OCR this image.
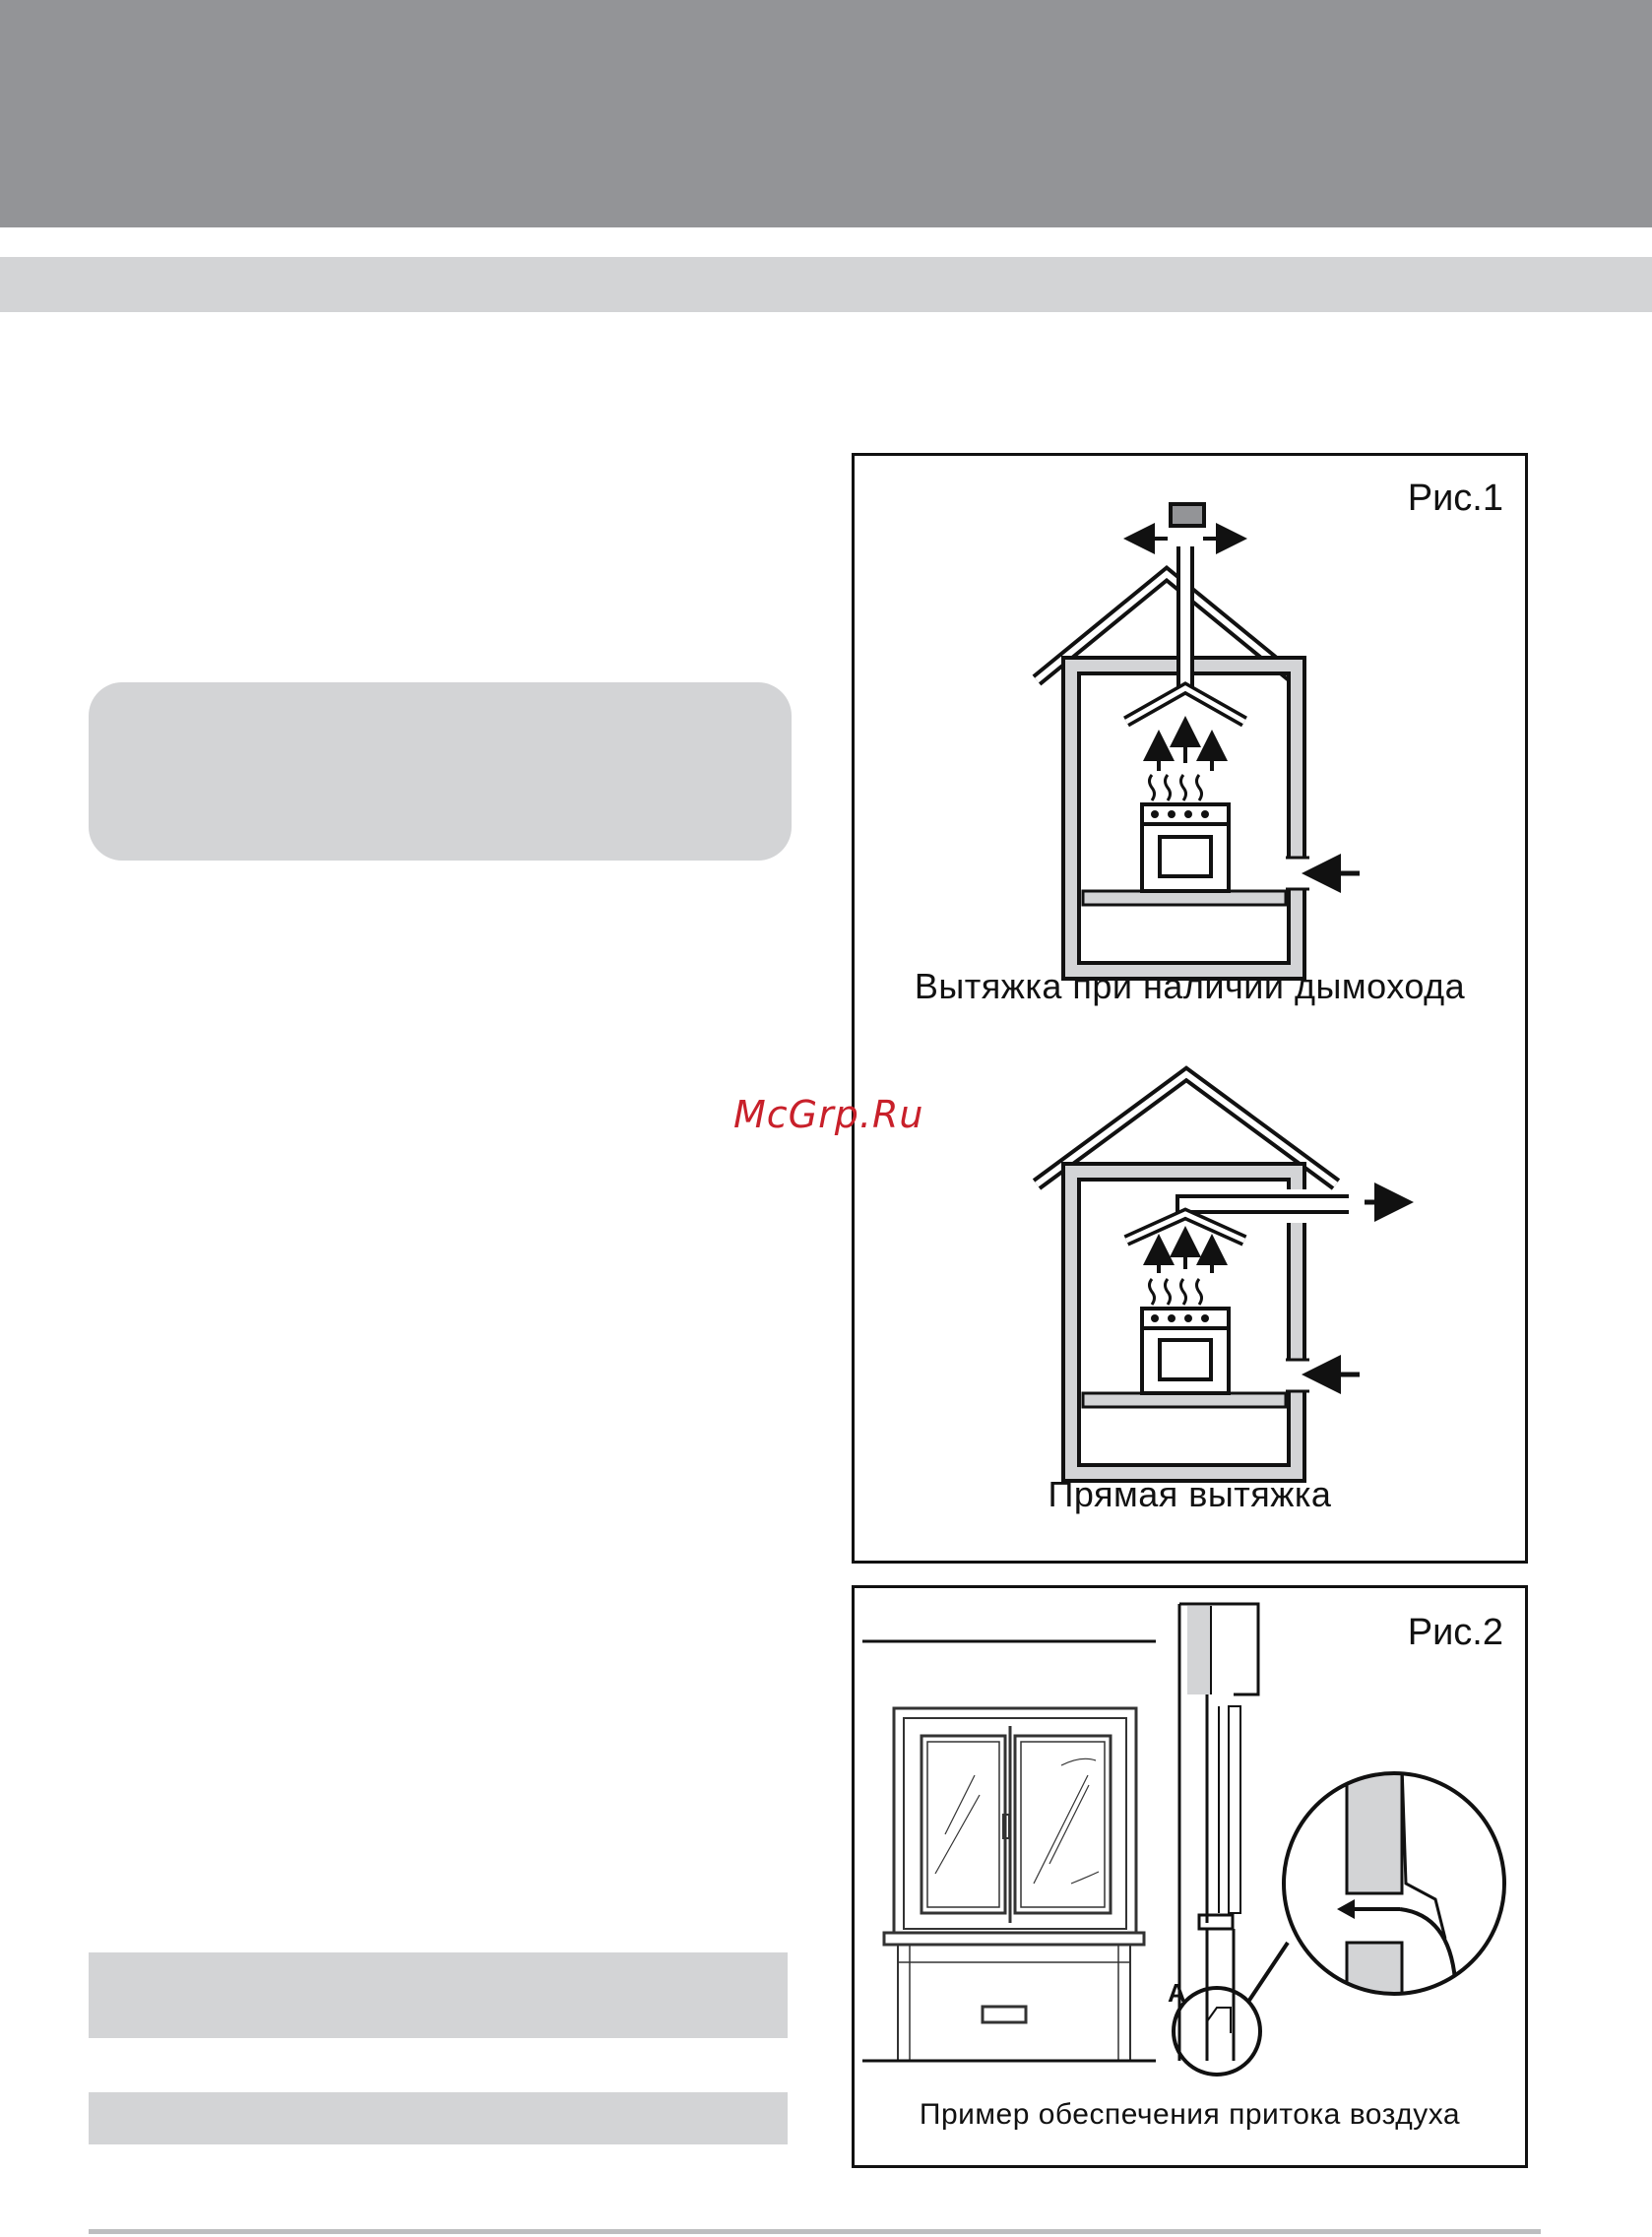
Рис.1
Вытяжка при наличии дымохода
Прямая вытяжка
Рис.2
A
Пример обеспечения притока воздуха
McGrp.Ru
